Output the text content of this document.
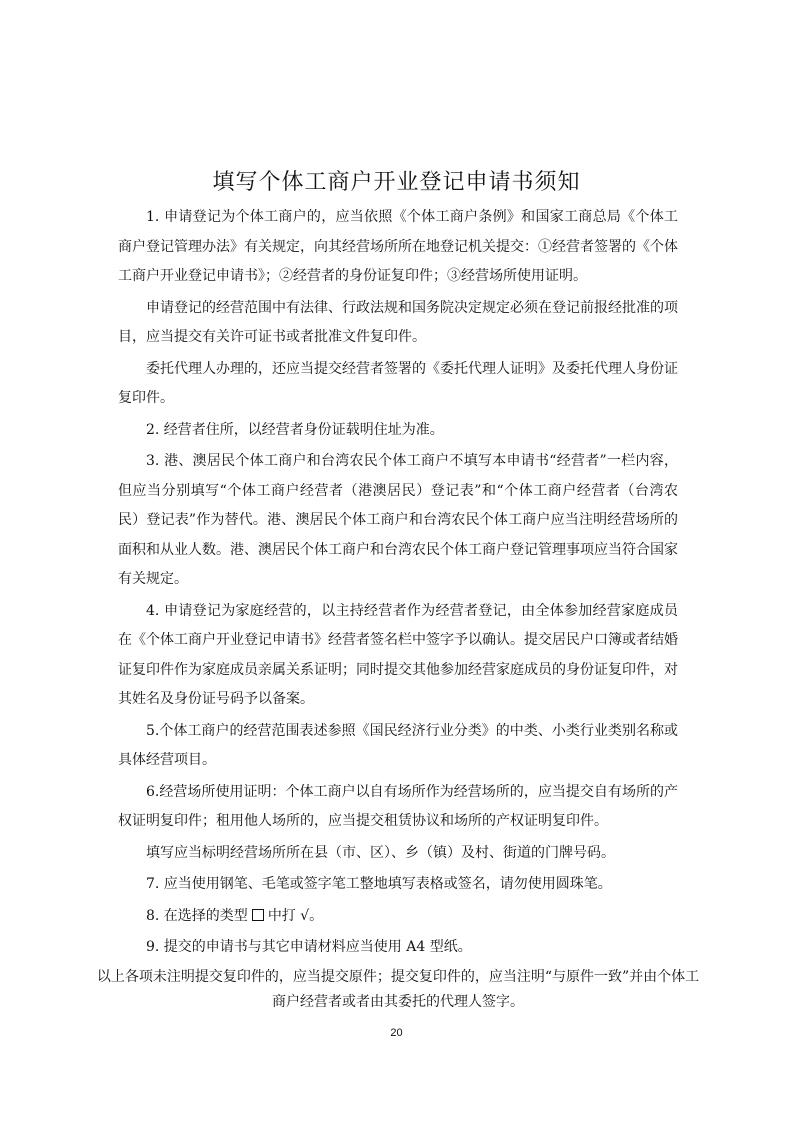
填写个体工商户开业登记申请书须知

1. 申请登记为个体工商户的，应当依照《个体工商户条例》和国家工商总局《个体工商户登记管理办法》有关规定，向其经营场所所在地登记机关提交：①经营者签署的《个体工商户开业登记申请书》；②经营者的身份证复印件；③经营场所使用证明。

申请登记的经营范围中有法律、行政法规和国务院决定规定必须在登记前报经批准的项目，应当提交有关许可证书或者批准文件复印件。

委托代理人办理的，还应当提交经营者签署的《委托代理人证明》及委托代理人身份证复印件。

2. 经营者住所，以经营者身份证载明住址为准。

3. 港、澳居民个体工商户和台湾农民个体工商户不填写本申请书“经营者”一栏内容，但应当分别填写“个体工商户经营者（港澳居民）登记表”和“个体工商户经营者（台湾农民）登记表”作为替代。港、澳居民个体工商户和台湾农民个体工商户应当注明经营场所的面积和从业人数。港、澳居民个体工商户和台湾农民个体工商户登记管理事项应当符合国家有关规定。

4. 申请登记为家庭经营的，以主持经营者作为经营者登记，由全体参加经营家庭成员在《个体工商户开业登记申请书》经营者签名栏中签字予以确认。提交居民户口簿或者结婚证复印件作为家庭成员亲属关系证明；同时提交其他参加经营家庭成员的身份证复印件，对其姓名及身份证号码予以备案。

5.个体工商户的经营范围表述参照《国民经济行业分类》的中类、小类行业类别名称或具体经营项目。

6.经营场所使用证明：个体工商户以自有场所作为经营场所的，应当提交自有场所的产权证明复印件；租用他人场所的，应当提交租赁协议和场所的产权证明复印件。

填写应当标明经营场所所在县（市、区）、乡（镇）及村、街道的门牌号码。

7. 应当使用钢笔、毛笔或签字笔工整地填写表格或签名，请勿使用圆珠笔。

8. 在选择的类型 中打 √。

9. 提交的申请书与其它申请材料应当使用 A4 型纸。

以上各项未注明提交复印件的，应当提交原件；提交复印件的，应当注明“与原件一致”并由个体工商户经营者或者由其委托的代理人签字。

20
